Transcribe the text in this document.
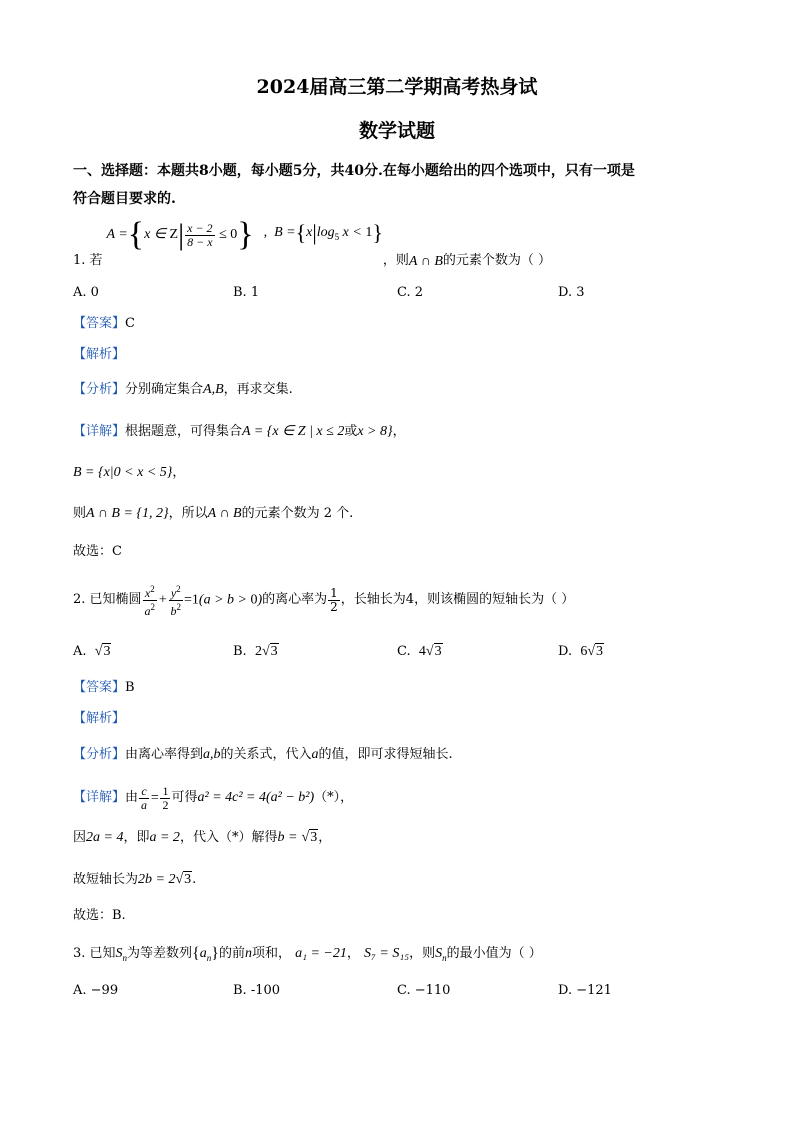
2024届高三第二学期高考热身试
数学试题
一、选择题：本题共8小题，每小题5分，共40分.在每小题给出的四个选项中，只有一项是
符合题目要求的.
1. 若
A ={x ∈ $Z| \frac{x - 2}{8 - x} \le 0$} ,  $B =\{x|\log_5$ x < 1}
，则 A ∩ B 的元素个数为（ ）
A. 0	B. 1	C. 2	D. 3
【答案】C
【解析】
【分析】分别确定集合A,B，再求交集.
【详解】根据题意，可得集合A = {x ∈ Z | x ≤ 2或x > 8}，
B = {x|0 < x < 5}，
则A ∩ B = {1, 2}，所以A ∩ B的元素个数为 2 个.
故选：C
2. 已知椭圆 $\frac{x^2}{a^2} + \frac{y^2}{b^2} =1(a > b > 0)$ 的离心率为 $\frac{1}{2}$ ，长轴长为4，则该椭圆的短轴长为（ ）
A. √3	B. 2√3	C. 4√3	D. 6√3
【答案】B
【解析】
【分析】由离心率得到a,b的关系式，代入a的值，即可求得短轴长.
【详解】 由 $\frac{c}{a} = \frac{1}{2}$ 可得 a² = 4c² = 4(a² − b²) （*），
因2a = 4，即a = 2，代入（*）解得b = √3，
故短轴长为2b = 2√3.
故选：B.
3. 已知$S_n$为等差数列$\{a_n\}$的前n项和， a₁ = −21， S₇ = S₁₅，则$S_n$的最小值为（ ）
A. −99	B. -100	C. −110	D. −121
